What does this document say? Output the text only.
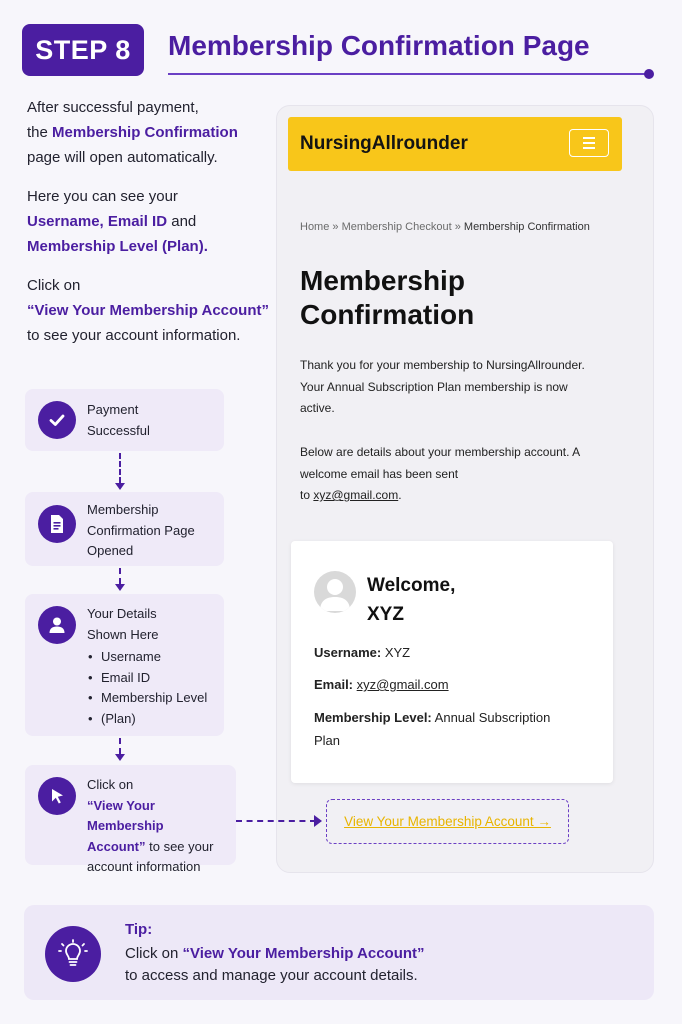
STEP 8	Membership Confirmation Page
After successful payment,
the Membership Confirmation
page will open automatically.
Here you can see your
Username, Email ID and
Membership Level (Plan).
Click on
“View Your Membership Account”
to see your account information.
Payment
Successful
Membership
Confirmation Page
Opened
Your Details
Shown Here
• Username
• Email ID
• Membership Level
• (Plan)
Click on
“View Your Membership
Account” to see your
account information
NursingAllrounder
Home » Membership Checkout » Membership Confirmation
Membership
Confirmation
Thank you for your membership to NursingAllrounder.
Your Annual Subscription Plan membership is now
active.
Below are details about your membership account. A
welcome email has been sent
to xyz@gmail.com.
Welcome,
XYZ
Username: XYZ
Email: xyz@gmail.com
Membership Level: Annual Subscription
Plan
View Your Membership Account →
Tip:
Click on “View Your Membership Account”
to access and manage your account details.
